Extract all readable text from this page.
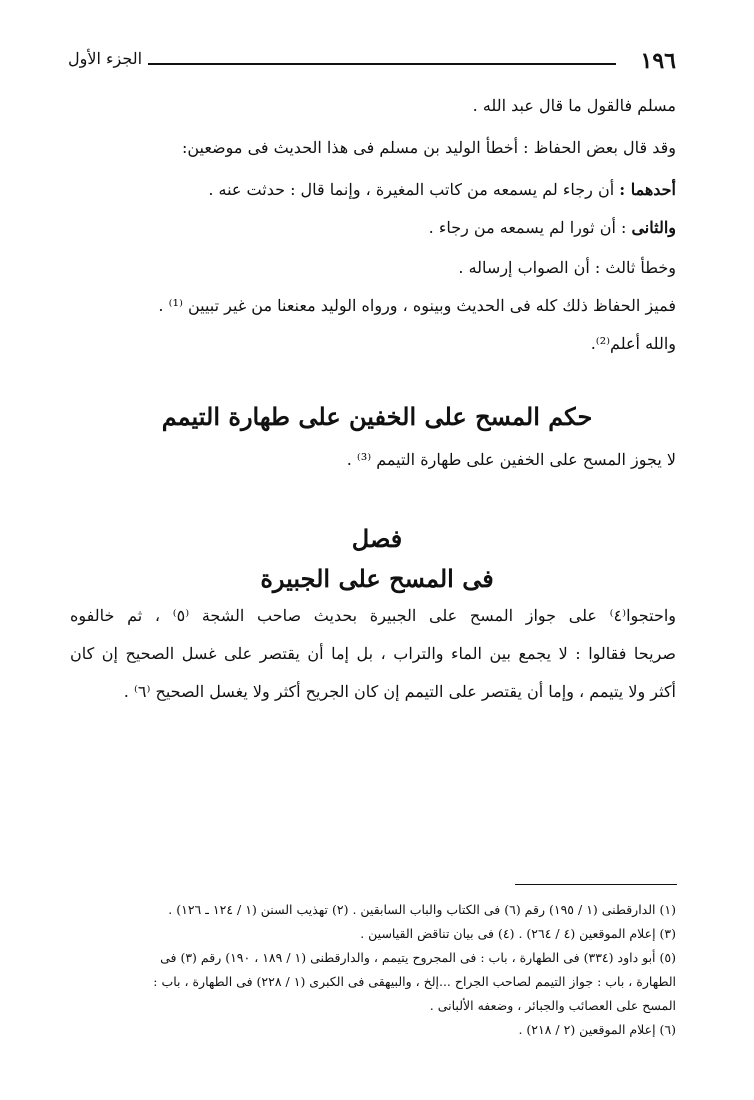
١٩٦
الجزء الأول
مسلم فالقول ما قال عبد الله .
وقد قال بعض الحفاظ : أخطأ الوليد بن مسلم فى هذا الحديث فى موضعين:
أحدهما : أن رجاء لم يسمعه من كاتب المغيرة ، وإنما قال : حدثت عنه .
والثانى : أن ثورا لم يسمعه من رجاء .
وخطأ ثالث : أن الصواب إرساله .
فميز الحفاظ ذلك كله فى الحديث وبينوه ، ورواه الوليد معنعنا من غير تبيين ⁽¹⁾ .
والله أعلم⁽²⁾.
حكم المسح على الخفين على طهارة التيمم
لا يجوز المسح على الخفين على طهارة التيمم ⁽³⁾ .
فصل
فى المسح على الجبيرة
واحتجوا⁽٤⁾ على جواز المسح على الجبيرة بحديث صاحب الشجة ⁽٥⁾ ، ثم خالفوه
صريحا فقالوا : لا يجمع بين الماء والتراب ، بل إما أن يقتصر على غسل الصحيح إن كان
أكثر ولا يتيمم ، وإما أن يقتصر على التيمم إن كان الجريح أكثر ولا يغسل الصحيح ⁽٦⁾ .
(١) الدارقطنى (١ / ١٩٥) رقم (٦) فى الكتاب والباب السابقين . (٢) تهذيب السنن (١ / ١٢٤ ـ ١٢٦) .
(٣) إعلام الموقعين (٤ / ٢٦٤) . (٤) فى بيان تناقض القياسين .
(٥) أبو داود (٣٣٤) فى الطهارة ، باب : فى المجروح يتيمم ، والدارقطنى (١ / ١٨٩ ، ١٩٠) رقم (٣) فى
الطهارة ، باب : جواز التيمم لصاحب الجراح ...إلخ ، والبيهقى فى الكبرى (١ / ٢٢٨) فى الطهارة ، باب :
المسح على العصائب والجبائر ، وضعفه الألبانى .
(٦) إعلام الموقعين (٢ / ٢١٨) .
